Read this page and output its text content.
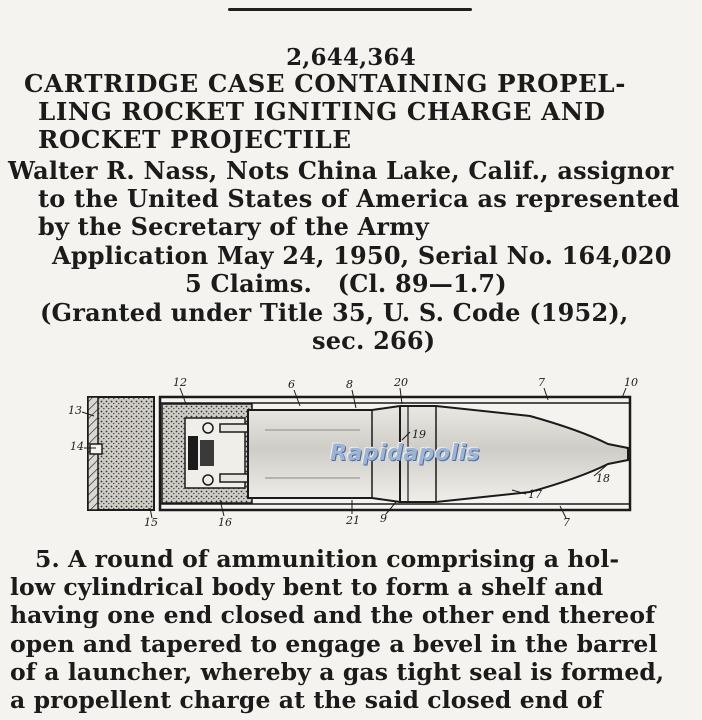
2,644,364
CARTRIDGE CASE CONTAINING PROPEL-
LING ROCKET IGNITING CHARGE AND
ROCKET PROJECTILE
Walter R. Nass, Nots China Lake, Calif., assignor
to the United States of America as represented
by the Secretary of the Army
Application May 24, 1950, Serial No. 164,020
5 Claims.   (Cl. 89—1.7)
(Granted under Title 35, U. S. Code (1952),
sec. 266)
12	6	8	20	7	10
13
14
19
18
17
15	16	21 9	7
Rapidapolis
5. A round of ammunition comprising a hol-
low cylindrical body bent to form a shelf and
having one end closed and the other end thereof
open and tapered to engage a bevel in the barrel
of a launcher, whereby a gas tight seal is formed,
a propellent charge at the said closed end of
